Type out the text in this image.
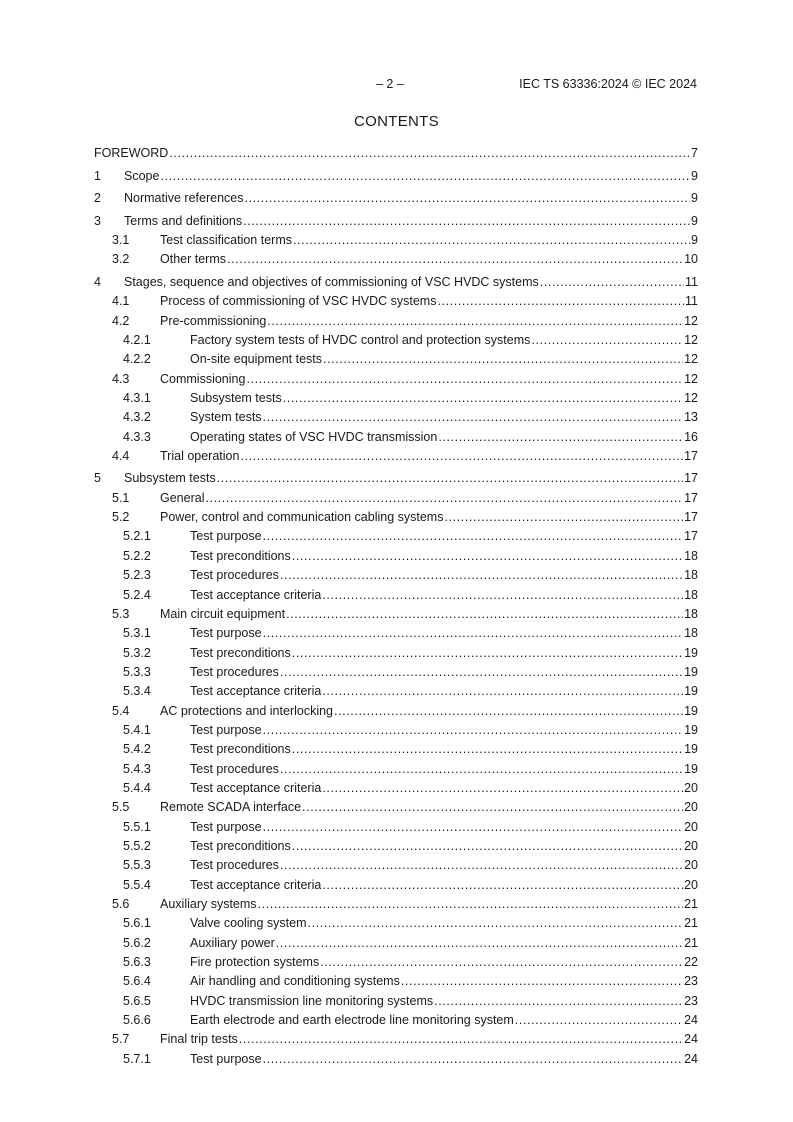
– 2 –	IEC TS 63336:2024 © IEC 2024
CONTENTS
FOREWORD .....	7
1	Scope .....	9
2	Normative references .....	9
3	Terms and definitions .....	9
3.1	Test classification terms .....	9
3.2	Other terms .....	10
4	Stages, sequence and objectives of commissioning of VSC HVDC systems .....	11
4.1	Process of commissioning of VSC HVDC systems .....	11
4.2	Pre-commissioning .....	12
4.2.1	Factory system tests of HVDC control and protection systems .....	12
4.2.2	On-site equipment tests .....	12
4.3	Commissioning .....	12
4.3.1	Subsystem tests .....	12
4.3.2	System tests .....	13
4.3.3	Operating states of VSC HVDC transmission .....	16
4.4	Trial operation .....	17
5	Subsystem tests .....	17
5.1	General .....	17
5.2	Power, control and communication cabling systems .....	17
5.2.1	Test purpose .....	17
5.2.2	Test preconditions .....	18
5.2.3	Test procedures .....	18
5.2.4	Test acceptance criteria .....	18
5.3	Main circuit equipment .....	18
5.3.1	Test purpose .....	18
5.3.2	Test preconditions .....	19
5.3.3	Test procedures .....	19
5.3.4	Test acceptance criteria .....	19
5.4	AC protections and interlocking .....	19
5.4.1	Test purpose .....	19
5.4.2	Test preconditions .....	19
5.4.3	Test procedures .....	19
5.4.4	Test acceptance criteria .....	20
5.5	Remote SCADA interface .....	20
5.5.1	Test purpose .....	20
5.5.2	Test preconditions .....	20
5.5.3	Test procedures .....	20
5.5.4	Test acceptance criteria .....	20
5.6	Auxiliary systems .....	21
5.6.1	Valve cooling system .....	21
5.6.2	Auxiliary power .....	21
5.6.3	Fire protection systems .....	22
5.6.4	Air handling and conditioning systems .....	23
5.6.5	HVDC transmission line monitoring systems .....	23
5.6.6	Earth electrode and earth electrode line monitoring system .....	24
5.7	Final trip tests .....	24
5.7.1	Test purpose .....	24
